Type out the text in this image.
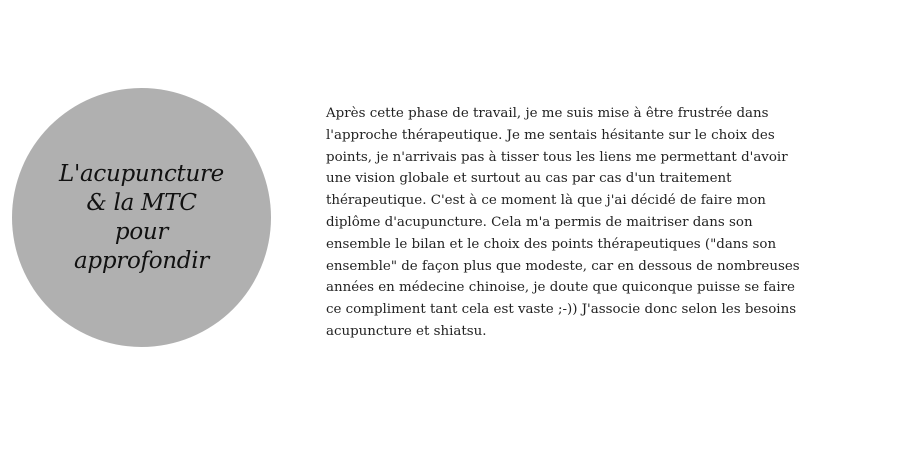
L'acupuncture
& la MTC
pour
approfondir

Après cette phase de travail, je me suis mise à être frustrée dans
l'approche thérapeutique. Je me sentais hésitante sur le choix des
points, je n'arrivais pas à tisser tous les liens me permettant d'avoir
une vision globale et surtout au cas par cas d'un traitement
thérapeutique. C'est à ce moment là que j'ai décidé de faire mon
diplôme d'acupuncture. Cela m'a permis de maitriser dans son
ensemble le bilan et le choix des points thérapeutiques ("dans son
ensemble" de façon plus que modeste, car en dessous de nombreuses
années en médecine chinoise, je doute que quiconque puisse se faire
ce compliment tant cela est vaste ;-)) J'associe donc selon les besoins
acupuncture et shiatsu.
